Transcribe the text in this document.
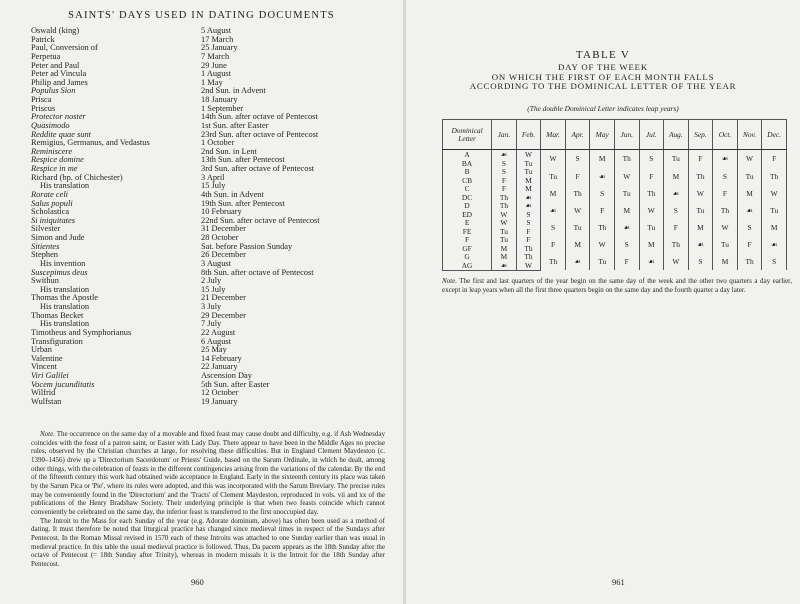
SAINTS' DAYS USED IN DATING DOCUMENTS
Oswald (king)	5 August
Patrick	17 March
Paul, Conversion of	25 January
Perpetua	7 March
Peter and Paul	29 June
Peter ad Vincula	1 August
Philip and James	1 May
Populus Sion	2nd Sun. in Advent
Prisca	18 January
Priscus	1 September
Protector noster	14th Sun. after octave of Pentecost
Quasimodo	1st Sun. after Easter
Reddite quae sunt	23rd Sun. after octave of Pentecost
Remigius, Germanus, and Vedastus	1 October
Reminiscere	2nd Sun. in Lent
Respice domine	13th Sun. after Pentecost
Respice in me	3rd Sun. after octave of Pentecost
Richard (bp. of Chichester)	3 April
His translation	15 July
Rorate celi	4th Sun. in Advent
Salus populi	19th Sun. after Pentecost
Scholastica	10 February
Si iniquitates	22nd Sun. after octave of Pentecost
Silvester	31 December
Simon and Jude	28 October
Sitientes	Sat. before Passion Sunday
Stephen	26 December
His invention	3 August
Suscepimus deus	8th Sun. after octave of Pentecost
Swithun	2 July
His translation	15 July
Thomas the Apostle	21 December
His translation	3 July
Thomas Becket	29 December
His translation	7 July
Timotheus and Symphorianus	22 August
Transfiguration	6 August
Urban	25 May
Valentine	14 February
Vincent	22 January
Viri Galilei	Ascension Day
Vocem jucunditatis	5th Sun. after Easter
Wilfrid	12 October
Wulfstan	19 January

Note. The occurrence on the same day of a movable and fixed feast may cause doubt and difficulty, e.g. if Ash Wednesday coincides with the feast of a patron saint, or Easter with Lady Day. There appear to have been in the Middle Ages no precise rules, observed by the Christian churches at large, for resolving these difficulties. But in England Clement Maydeston (c. 1390–1456) drew up a 'Directorium Sacerdotum' or Priests' Guide, based on the Sarum Ordinale, in which he dealt, among other things, with the celebration of feasts in the different contingencies arising from the variations of the calendar. By the end of the fifteenth century this work had obtained wide acceptance in England. Early in the sixteenth century its place was taken by the Sarum Pica or 'Pie', where its rules were adopted, and this was incorporated with the Sarum Breviary. The precise rules may be conveniently found in the 'Directorium' and the 'Tracts' of Clement Maydeston, reproduced in vols. vii and xx of the publications of the Henry Bradshaw Society. Their underlying principle is that when two feasts coincide which cannot conveniently be celebrated on the same day, the inferior feast is transferred to the first unoccupied day.

The Introit to the Mass for each Sunday of the year (e.g. Adorate dominum, above) has often been used as a method of dating. It must therefore be noted that liturgical practice has changed since medieval times in respect of the Sundays after Pentecost. In the Roman Missal revised in 1570 each of these Introits was attached to one Sunday earlier than was usual in medieval practice. In this table the usual medieval practice is followed. Thus, Da pacem appears as the 18th Sunday after the octave of Pentecost (= 18th Sunday after Trinity), whereas in modern missals it is the Introit for the 18th Sunday after Pentecost.

960
TABLE V
DAY OF THE WEEK
ON WHICH THE FIRST OF EACH MONTH FALLS
ACCORDING TO THE DOMINICAL LETTER OF THE YEAR
(The double Dominical Letter indicates leap years)
Dominical
Letter	Jan.	Feb.	Mar.	Apr.	May	Jun.	Jul.	Aug.	Sep.	Oct.	Nov.	Dec.
A	☙	W	W	S	M	Th	S	Tu	F	☙	W	F
BA	S	Tu										
B	S	Tu	Tu	F	☙	W	F	M	Th	S	Tu	Th
CB	F	M										
C	F	M	M	Th	S	Tu	Th	☙	W	F	M	W
DC	Th	☙										
D	Th	☙	☙	W	F	M	W	S	Tu	Th	☙	Tu
ED	W	S										
E	W	S	S	Tu	Th	☙	Tu	F	M	W	S	M
FE	Tu	F										
F	Tu	F	F	M	W	S	M	Th	☙	Tu	F	☙
GF	M	Th										
G	M	Th	Th	☙	Tu	F	☙	W	S	M	Th	S
AG	☙	W										
Note. The first and last quarters of the year begin on the same day of the week and the other two quarters a day earlier, except in leap years when all the first three quarters begin on the same day and the fourth quarter a day later.
961
